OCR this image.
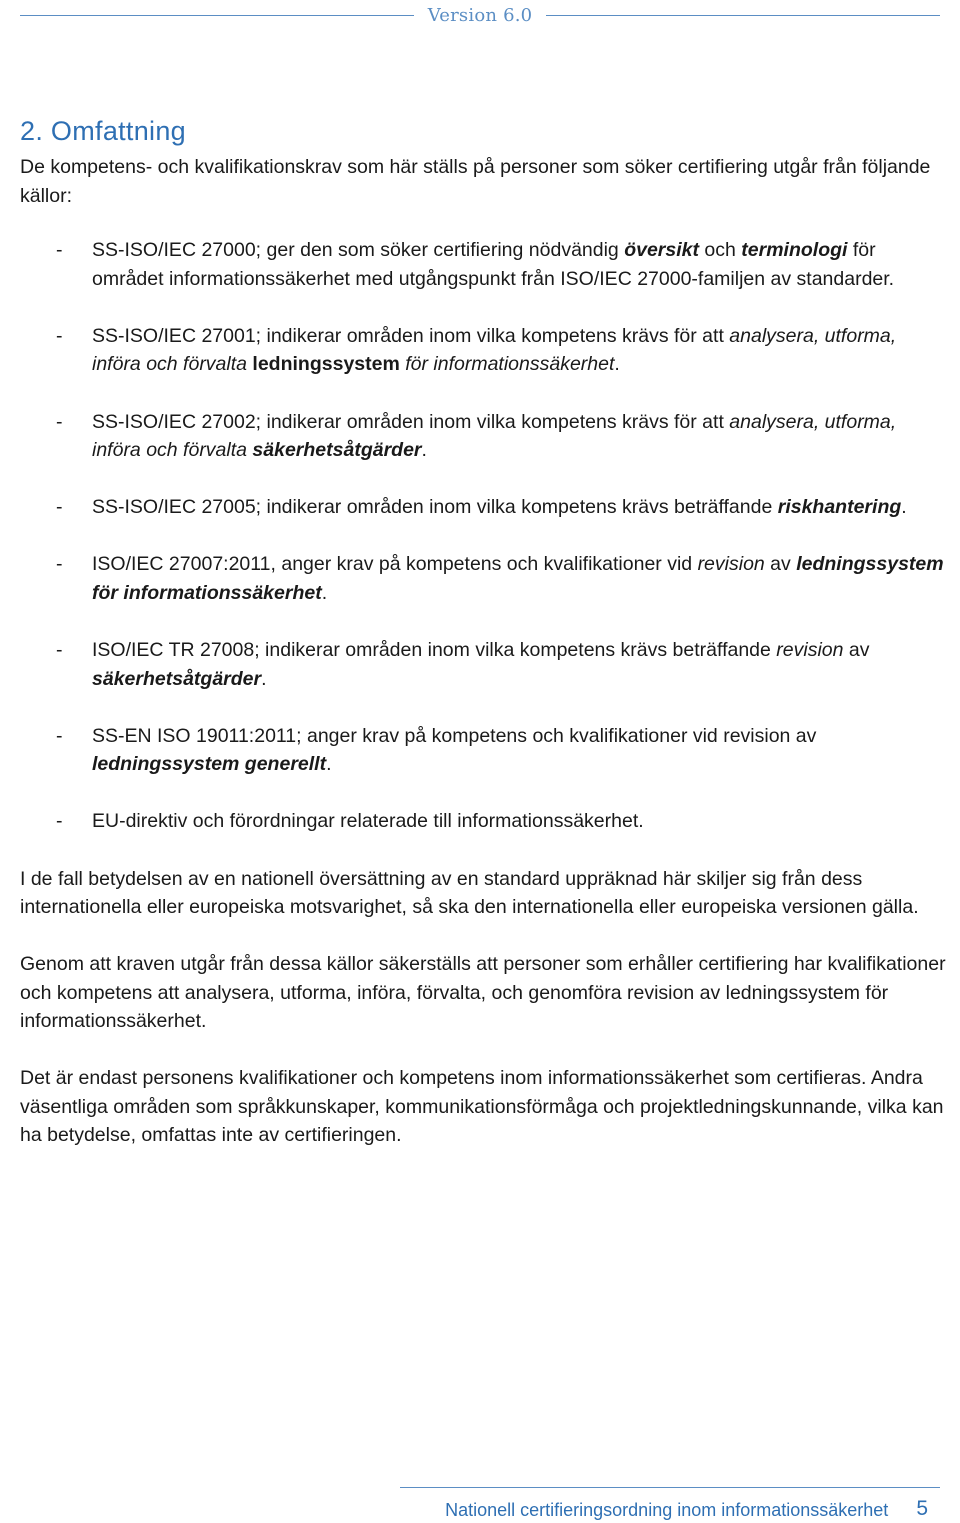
Version 6.0
2. Omfattning

De kompetens- och kvalifikationskrav som här ställs på personer som söker certifiering utgår från följande källor:

- SS-ISO/IEC 27000; ger den som söker certifiering nödvändig översikt och terminologi för området informationssäkerhet med utgångspunkt från ISO/IEC 27000-familjen av standarder.
- SS-ISO/IEC 27001; indikerar områden inom vilka kompetens krävs för att analysera, utforma, införa och förvalta ledningssystem för informationssäkerhet.
- SS-ISO/IEC 27002; indikerar områden inom vilka kompetens krävs för att analysera, utforma, införa och förvalta säkerhetsåtgärder.
- SS-ISO/IEC 27005; indikerar områden inom vilka kompetens krävs beträffande riskhantering.
- ISO/IEC 27007:2011, anger krav på kompetens och kvalifikationer vid revision av ledningssystem för informationssäkerhet.
- ISO/IEC TR 27008; indikerar områden inom vilka kompetens krävs beträffande revision av säkerhetsåtgärder.
- SS-EN ISO 19011:2011; anger krav på kompetens och kvalifikationer vid revision av ledningssystem generellt.
- EU-direktiv och förordningar relaterade till informationssäkerhet.

I de fall betydelsen av en nationell översättning av en standard uppräknad här skiljer sig från dess internationella eller europeiska motsvarighet, så ska den internationella eller europeiska versionen gälla.

Genom att kraven utgår från dessa källor säkerställs att personer som erhåller certifiering har kvalifikationer och kompetens att analysera, utforma, införa, förvalta, och genomföra revision av ledningssystem för informationssäkerhet.

Det är endast personens kvalifikationer och kompetens inom informationssäkerhet som certifieras. Andra väsentliga områden som språkkunskaper, kommunikationsförmåga och projektledningskunnande, vilka kan ha betydelse, omfattas inte av certifieringen.

Nationell certifieringsordning inom informationssäkerhet 5
